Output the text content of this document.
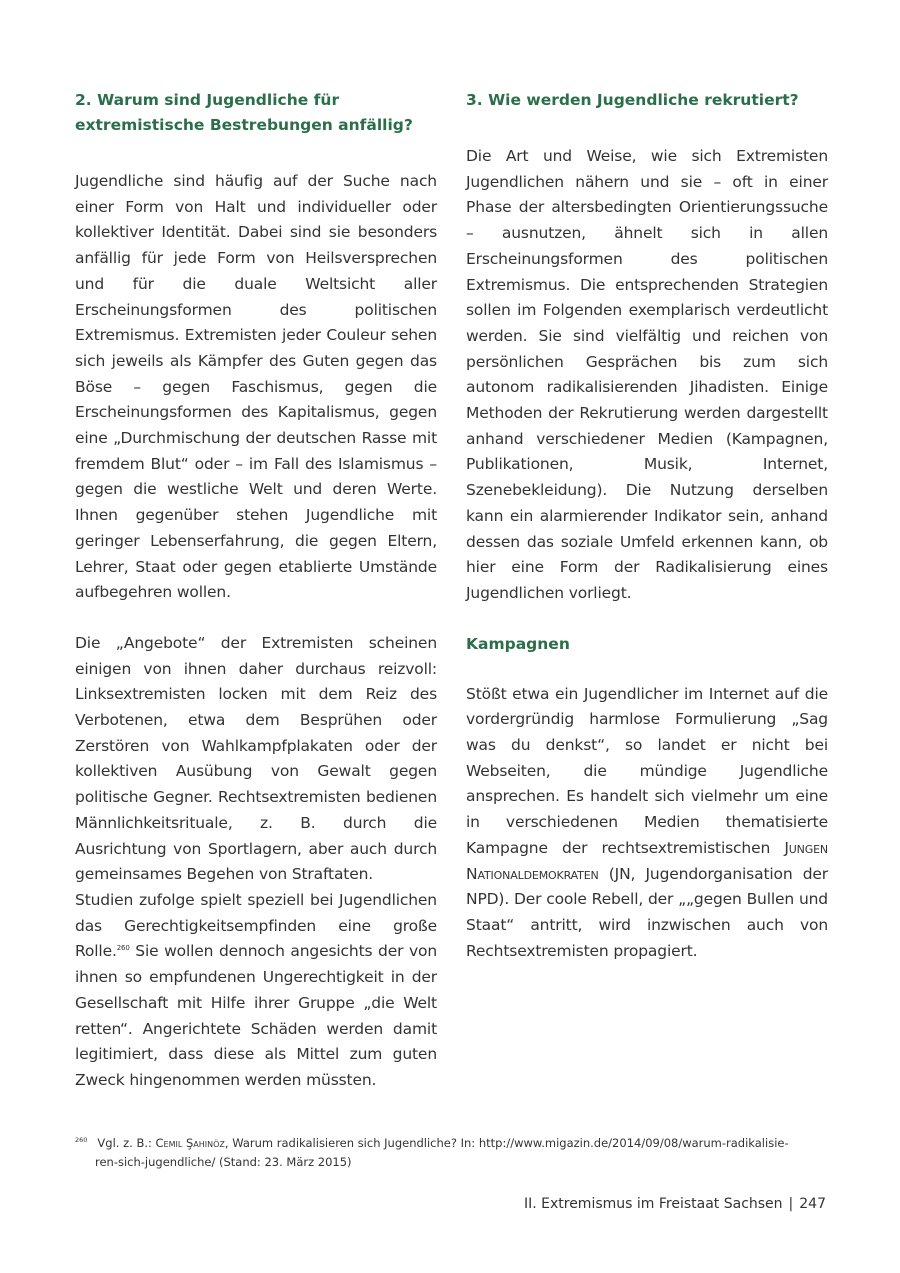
2. Warum sind Jugendliche für extremistische Bestrebungen anfällig?

Jugendliche sind häufig auf der Suche nach einer Form von Halt und individueller oder kollektiver Identität. Dabei sind sie besonders anfällig für jede Form von Heilsversprechen und für die duale Weltsicht aller Erscheinungsformen des politischen Extremismus. Extremisten jeder Couleur sehen sich jeweils als Kämpfer des Guten gegen das Böse – gegen Faschismus, gegen die Erscheinungsformen des Kapitalismus, gegen eine „Durchmischung der deutschen Rasse mit fremdem Blut“ oder – im Fall des Islamismus – gegen die westliche Welt und deren Werte. Ihnen gegenüber stehen Jugendliche mit geringer Lebenserfahrung, die gegen Eltern, Lehrer, Staat oder gegen etablierte Umstände aufbegehren wollen.

Die „Angebote“ der Extremisten scheinen einigen von ihnen daher durchaus reizvoll: Linksextremisten locken mit dem Reiz des Verbotenen, etwa dem Besprühen oder Zerstören von Wahlkampfplakaten oder der kollektiven Ausübung von Gewalt gegen politische Gegner. Rechtsextremisten bedienen Männlichkeitsrituale, z. B. durch die Ausrichtung von Sportlagern, aber auch durch gemeinsames Begehen von Straftaten.

Studien zufolge spielt speziell bei Jugendlichen das Gerechtigkeitsempfinden eine große Rolle.$^{260}$ Sie wollen dennoch angesichts der von ihnen so empfundenen Ungerechtigkeit in der Gesellschaft mit Hilfe ihrer Gruppe „die Welt retten“. Angerichtete Schäden werden damit legitimiert, dass diese als Mittel zum guten Zweck hingenommen werden müssten.

3. Wie werden Jugendliche rekrutiert?

Die Art und Weise, wie sich Extremisten Jugendlichen nähern und sie – oft in einer Phase der altersbedingten Orientierungssuche – ausnutzen, ähnelt sich in allen Erscheinungsformen des politischen Extremismus. Die entsprechenden Strategien sollen im Folgenden exemplarisch verdeutlicht werden. Sie sind vielfältig und reichen von persönlichen Gesprächen bis zum sich autonom radikalisierenden Jihadisten. Einige Methoden der Rekrutierung werden dargestellt anhand verschiedener Medien (Kampagnen, Publikationen, Musik, Internet, Szenebekleidung). Die Nutzung derselben kann ein alarmierender Indikator sein, anhand dessen das soziale Umfeld erkennen kann, ob hier eine Form der Radikalisierung eines Jugendlichen vorliegt.

Kampagnen

Stößt etwa ein Jugendlicher im Internet auf die vordergründig harmlose Formulierung „Sag was du denkst“, so landet er nicht bei Webseiten, die mündige Jugendliche ansprechen. Es handelt sich vielmehr um eine in verschiedenen Medien thematisierte Kampagne der rechtsextremistischen Jungen Nationaldemokraten (JN, Jugendorganisation der NPD). Der coole Rebell, der „„gegen Bullen und Staat“ antritt, wird inzwischen auch von Rechtsextremisten propagiert.

$^{260}$ Vgl. z. B.: Cemil Şahinöz, Warum radikalisieren sich Jugendliche? In: http://www.migazin.de/2014/09/08/warum-radikalisie-
ren-sich-jugendliche/ (Stand: 23. März 2015)
II. Extremismus im Freistaat Sachsen | 247
